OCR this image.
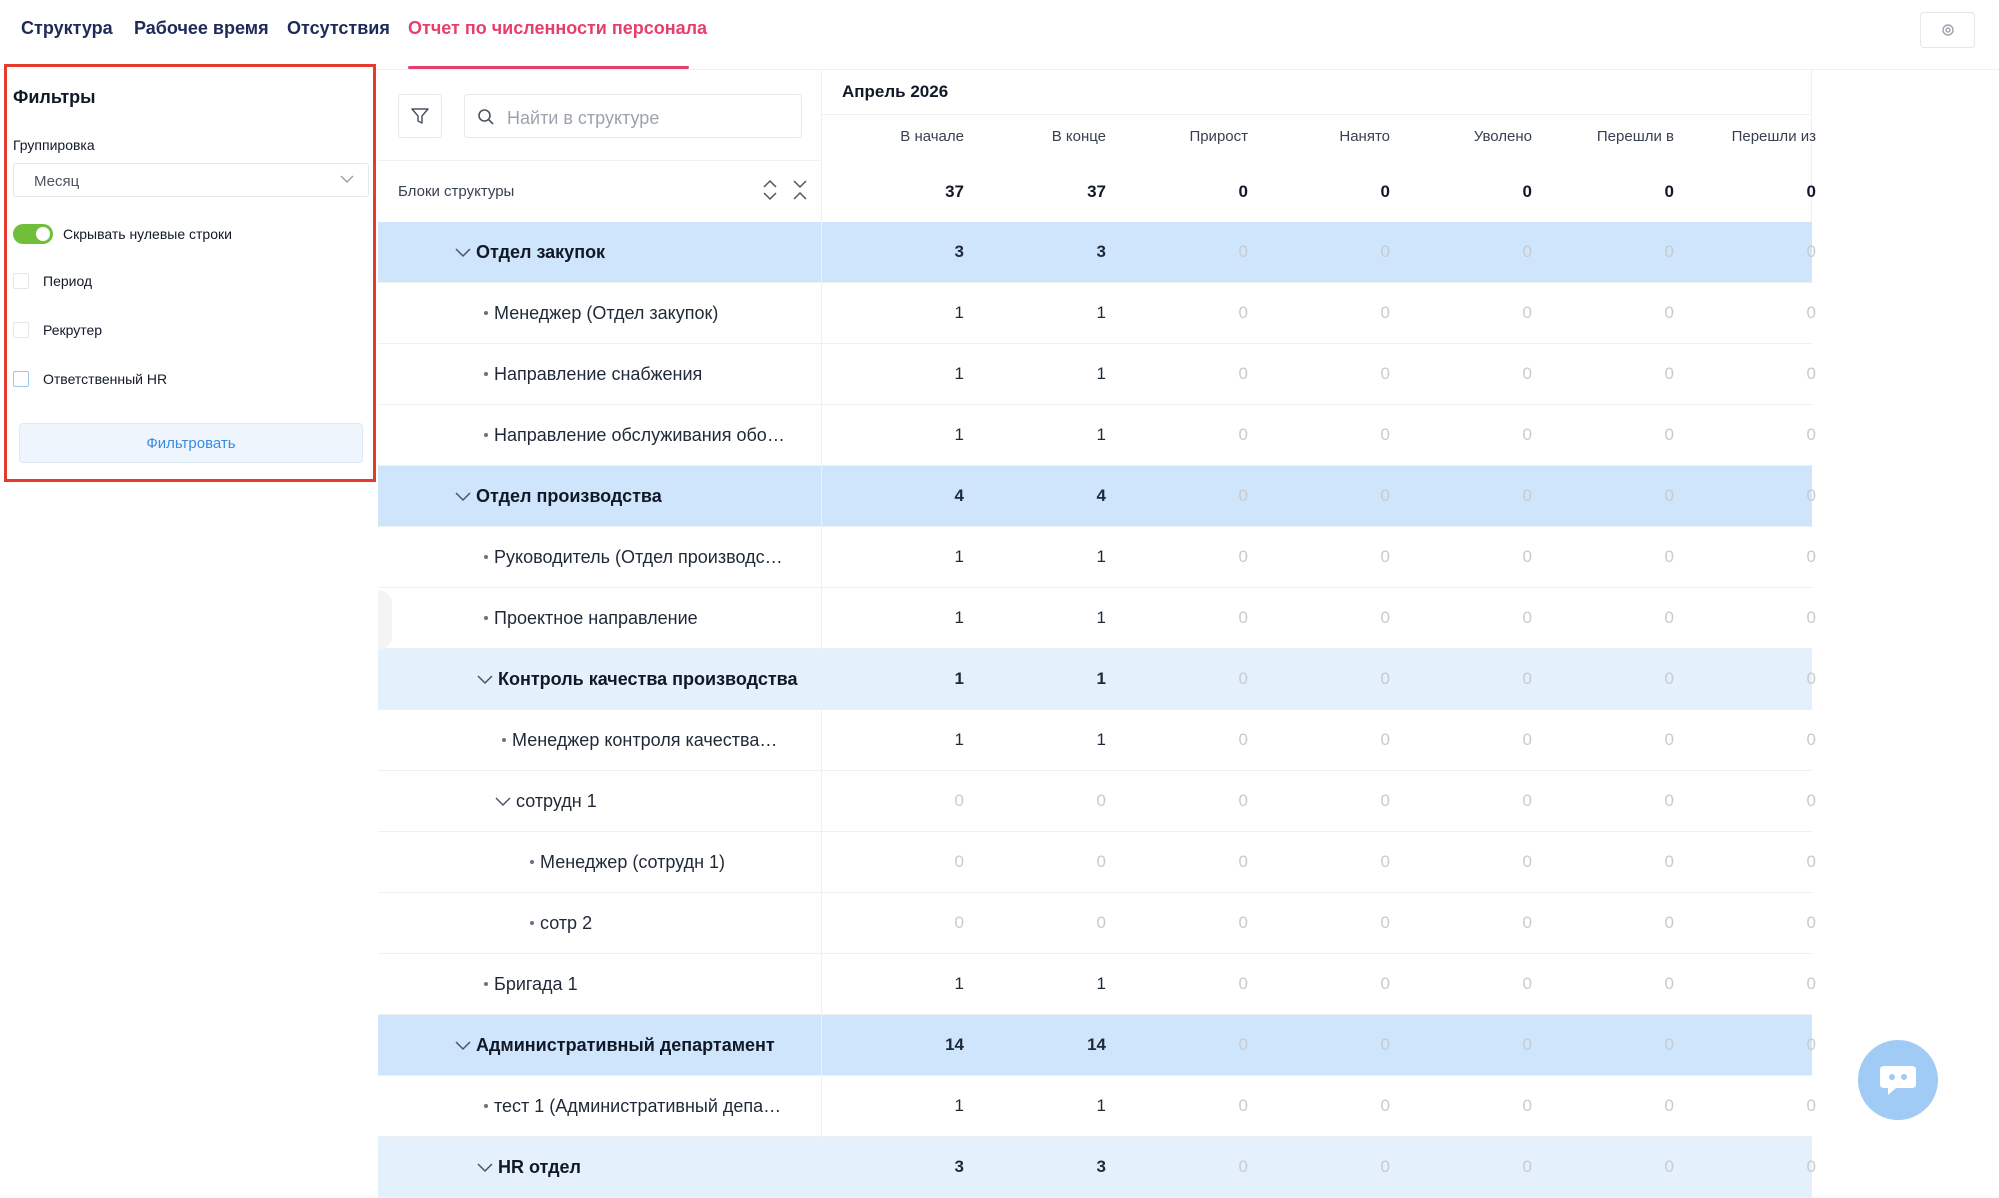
Структура Рабочее время Отсутствия Отчет по численности персонала
Фильтры
Группировка
Месяц
Скрывать нулевые строки
Период
Рекрутер
Ответственный HR
Фильтровать
Найти в структуре
Блоки структуры
Апрель 2026
В начале	В конце	Прирост	Нанято	Уволено	Перешли в	Перешли из
37	37	0	0	0	0	0
Отдел закупок	3	3	0	0	0	0	0
Менеджер (Отдел закупок)	1	1	0	0	0	0	0
Направление снабжения	1	1	0	0	0	0	0
Направление обслуживания обо…	1	1	0	0	0	0	0
Отдел производства	4	4	0	0	0	0	0
Руководитель (Отдел производс…	1	1	0	0	0	0	0
Проектное направление	1	1	0	0	0	0	0
Контроль качества производства	1	1	0	0	0	0	0
Менеджер контроля качества…	1	1	0	0	0	0	0
сотрудн 1	0	0	0	0	0	0	0
Менеджер (сотрудн 1)	0	0	0	0	0	0	0
сотр 2	0	0	0	0	0	0	0
Бригада 1	1	1	0	0	0	0	0
Административный департамент	14	14	0	0	0	0	0
тест 1 (Административный депа…	1	1	0	0	0	0	0
HR отдел	3	3	0	0	0	0	0
